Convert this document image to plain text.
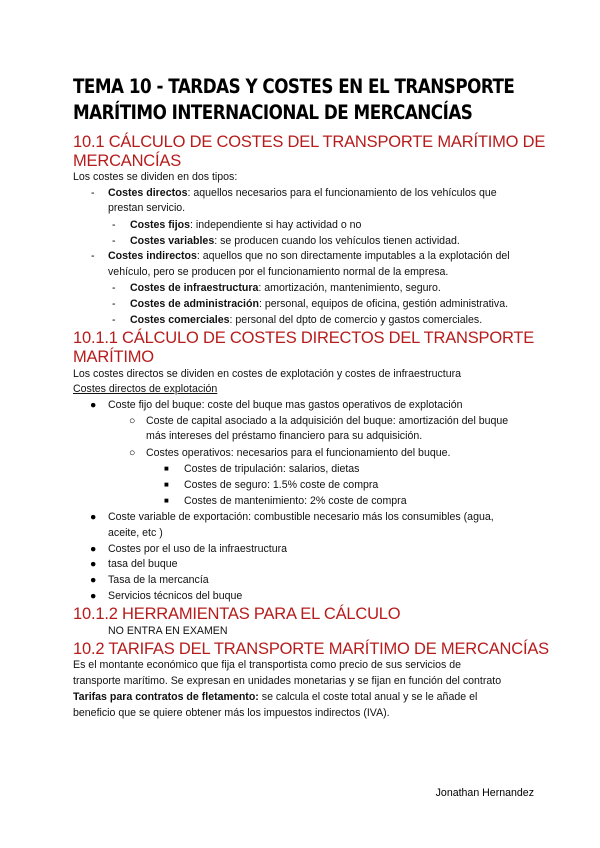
TEMA 10 - TARDAS Y COSTES EN EL TRANSPORTE
MARÍTIMO INTERNACIONAL DE MERCANCÍAS
10.1 CÁLCULO DE COSTES DEL TRANSPORTE MARÍTIMO DE
MERCANCÍAS
Los costes se dividen en dos tipos:
- Costes directos: aquellos necesarios para el funcionamiento de los vehículos que
prestan servicio.
- Costes fijos: independiente si hay actividad o no
- Costes variables: se producen cuando los vehículos tienen actividad.
- Costes indirectos: aquellos que no son directamente imputables a la explotación del
vehículo, pero se producen por el funcionamiento normal de la empresa.
- Costes de infraestructura: amortización, mantenimiento, seguro.
- Costes de administración: personal, equipos de oficina, gestión administrativa.
- Costes comerciales: personal del dpto de comercio y gastos comerciales.
10.1.1 CÁLCULO DE COSTES DIRECTOS DEL TRANSPORTE
MARÍTIMO
Los costes directos se dividen en costes de explotación y costes de infraestructura
Costes directos de explotación
● Coste fijo del buque: coste del buque mas gastos operativos de explotación
○ Coste de capital asociado a la adquisición del buque: amortización del buque
más intereses del préstamo financiero para su adquisición.
○ Costes operativos: necesarios para el funcionamiento del buque.
■ Costes de tripulación: salarios, dietas
■ Costes de seguro: 1.5% coste de compra
■ Costes de mantenimiento: 2% coste de compra
● Coste variable de exportación: combustible necesario más los consumibles (agua,
aceite, etc )
● Costes por el uso de la infraestructura
● tasa del buque
● Tasa de la mercancía
● Servicios técnicos del buque
10.1.2 HERRAMIENTAS PARA EL CÁLCULO
NO ENTRA EN EXAMEN
10.2 TARIFAS DEL TRANSPORTE MARÍTIMO DE MERCANCÍAS
Es el montante económico que fija el transportista como precio de sus servicios de
transporte marítimo. Se expresan en unidades monetarias y se fijan en función del contrato
Tarifas para contratos de fletamento: se calcula el coste total anual y se le añade el
beneficio que se quiere obtener más los impuestos indirectos (IVA).
Jonathan Hernandez
